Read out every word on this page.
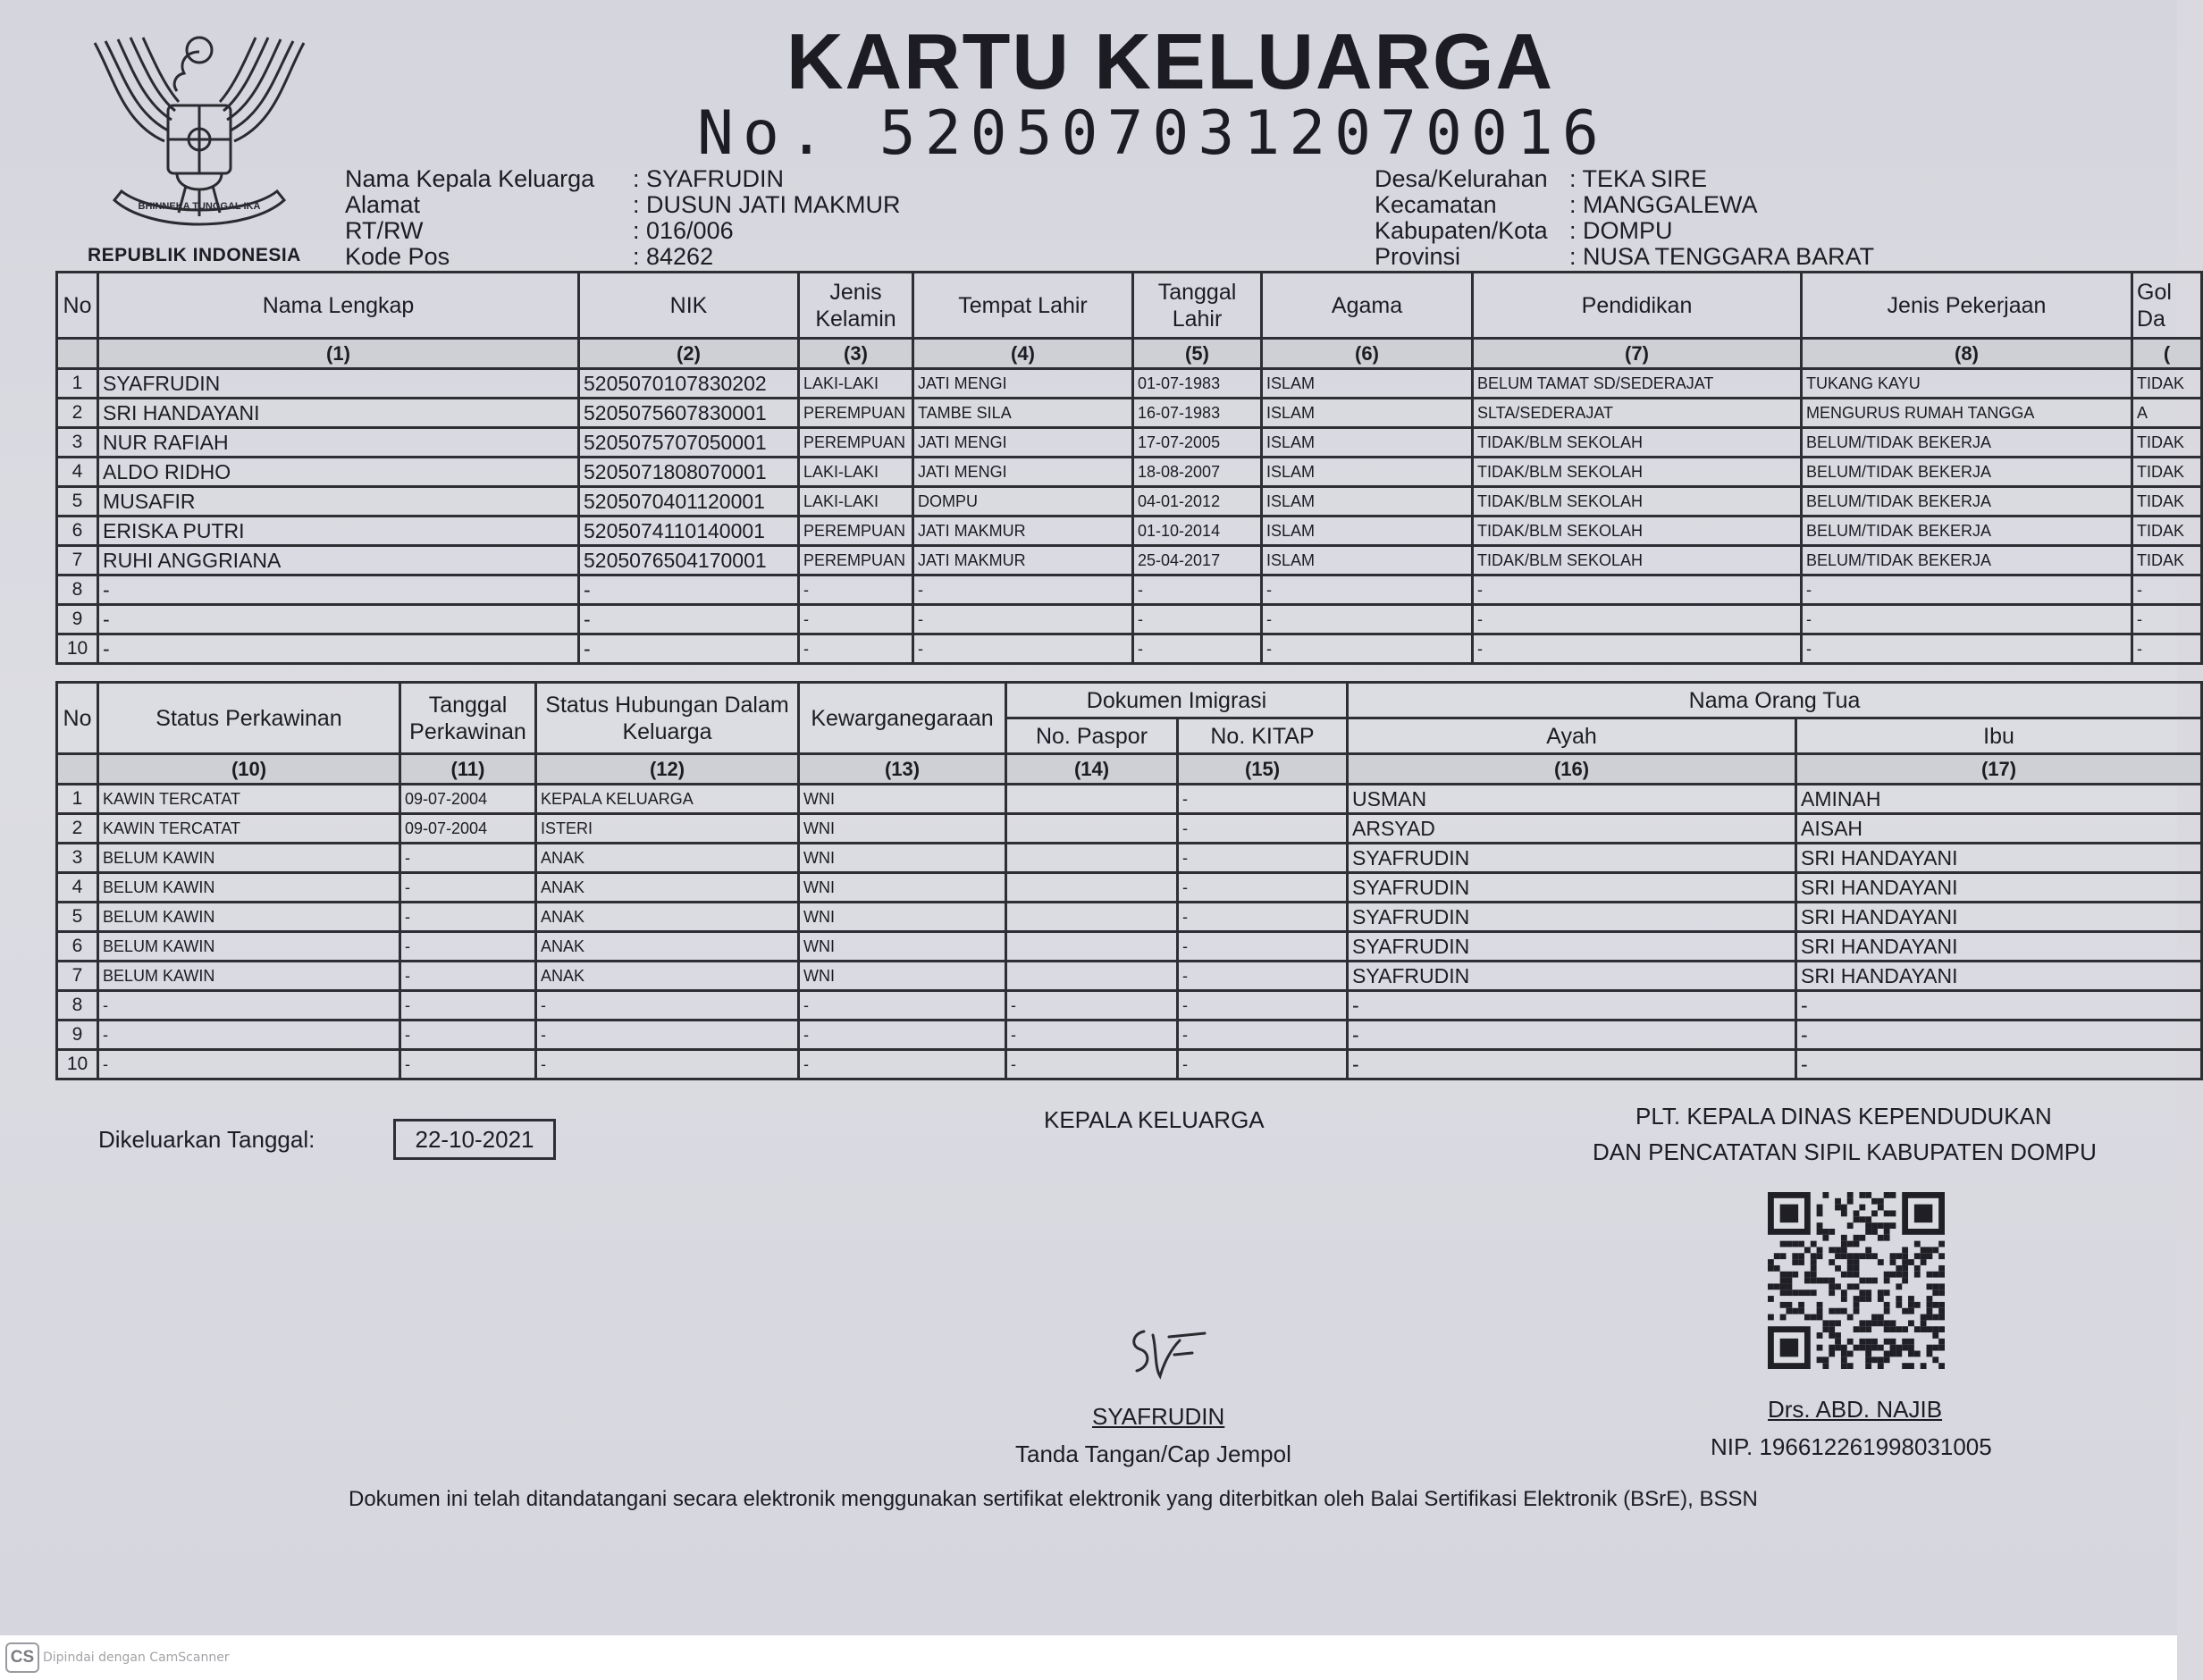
BHINNEKA TUNGGAL IKA
REPUBLIK INDONESIA
KARTU KELUARGA
No. 5205070312070016
Nama Kepala Keluarga : SYAFRUDIN
Alamat	: DUSUN JATI MAKMUR
RT/RW	: 016/006
Kode Pos	: 84262
Desa/Kelurahan : TEKA SIRE
Kecamatan	: MANGGALEWA
Kabupaten/Kota : DOMPU
Provinsi	: NUSA TENGGARA BARAT
No	Nama Lengkap	NIK	Jenis Kelamin	Tempat Lahir	Tanggal Lahir	Agama	Pendidikan	Jenis Pekerjaan	Gol Da
	(1)	(2)	(3)	(4)	(5)	(6)	(7)	(8)	(
1	SYAFRUDIN	5205070107830202	LAKI-LAKI	JATI MENGI	01-07-1983	ISLAM	BELUM TAMAT SD/SEDERAJAT	TUKANG KAYU	TIDAK
2	SRI HANDAYANI	5205075607830001	PEREMPUAN	TAMBE SILA	16-07-1983	ISLAM	SLTA/SEDERAJAT	MENGURUS RUMAH TANGGA	A
3	NUR RAFIAH	5205075707050001	PEREMPUAN	JATI MENGI	17-07-2005	ISLAM	TIDAK/BLM SEKOLAH	BELUM/TIDAK BEKERJA	TIDAK
4	ALDO RIDHO	5205071808070001	LAKI-LAKI	JATI MENGI	18-08-2007	ISLAM	TIDAK/BLM SEKOLAH	BELUM/TIDAK BEKERJA	TIDAK
5	MUSAFIR	5205070401120001	LAKI-LAKI	DOMPU	04-01-2012	ISLAM	TIDAK/BLM SEKOLAH	BELUM/TIDAK BEKERJA	TIDAK
6	ERISKA PUTRI	5205074110140001	PEREMPUAN	JATI MAKMUR	01-10-2014	ISLAM	TIDAK/BLM SEKOLAH	BELUM/TIDAK BEKERJA	TIDAK
7	RUHI ANGGRIANA	5205076504170001	PEREMPUAN	JATI MAKMUR	25-04-2017	ISLAM	TIDAK/BLM SEKOLAH	BELUM/TIDAK BEKERJA	TIDAK
8	-	-	-	-	-	-	-	-	-
9	-	-	-	-	-	-	-	-	-
10	-	-	-	-	-	-	-	-	-
No	Status Perkawinan	Tanggal Perkawinan	Status Hubungan Dalam Keluarga	Kewarganegaraan	Dokumen Imigrasi		Nama Orang Tua	
					No. Paspor	No. KITAP	Ayah	Ibu
	(10)	(11)	(12)	(13)	(14)	(15)	(16)	(17)
1	KAWIN TERCATAT	09-07-2004	KEPALA KELUARGA	WNI		-	USMAN	AMINAH
2	KAWIN TERCATAT	09-07-2004	ISTERI	WNI		-	ARSYAD	AISAH
3	BELUM KAWIN	-	ANAK	WNI		-	SYAFRUDIN	SRI HANDAYANI
4	BELUM KAWIN	-	ANAK	WNI		-	SYAFRUDIN	SRI HANDAYANI
5	BELUM KAWIN	-	ANAK	WNI		-	SYAFRUDIN	SRI HANDAYANI
6	BELUM KAWIN	-	ANAK	WNI		-	SYAFRUDIN	SRI HANDAYANI
7	BELUM KAWIN	-	ANAK	WNI		-	SYAFRUDIN	SRI HANDAYANI
8	-	-	-	-	-	-	-	-
9	-	-	-	-	-	-	-	-
10	-	-	-	-	-	-	-	-
Dikeluarkan Tanggal:	22-10-2021
KEPALA KELUARGA
SYAFRUDIN
Tanda Tangan/Cap Jempol
PLT. KEPALA DINAS KEPENDUDUKAN
DAN PENCATATAN SIPIL KABUPATEN DOMPU
Drs. ABD. NAJIB
NIP. 196612261998031005
Dokumen ini telah ditandatangani secara elektronik menggunakan sertifikat elektronik yang diterbitkan oleh Balai Sertifikasi Elektronik (BSrE), BSSN
CS Dipindai dengan CamScanner
